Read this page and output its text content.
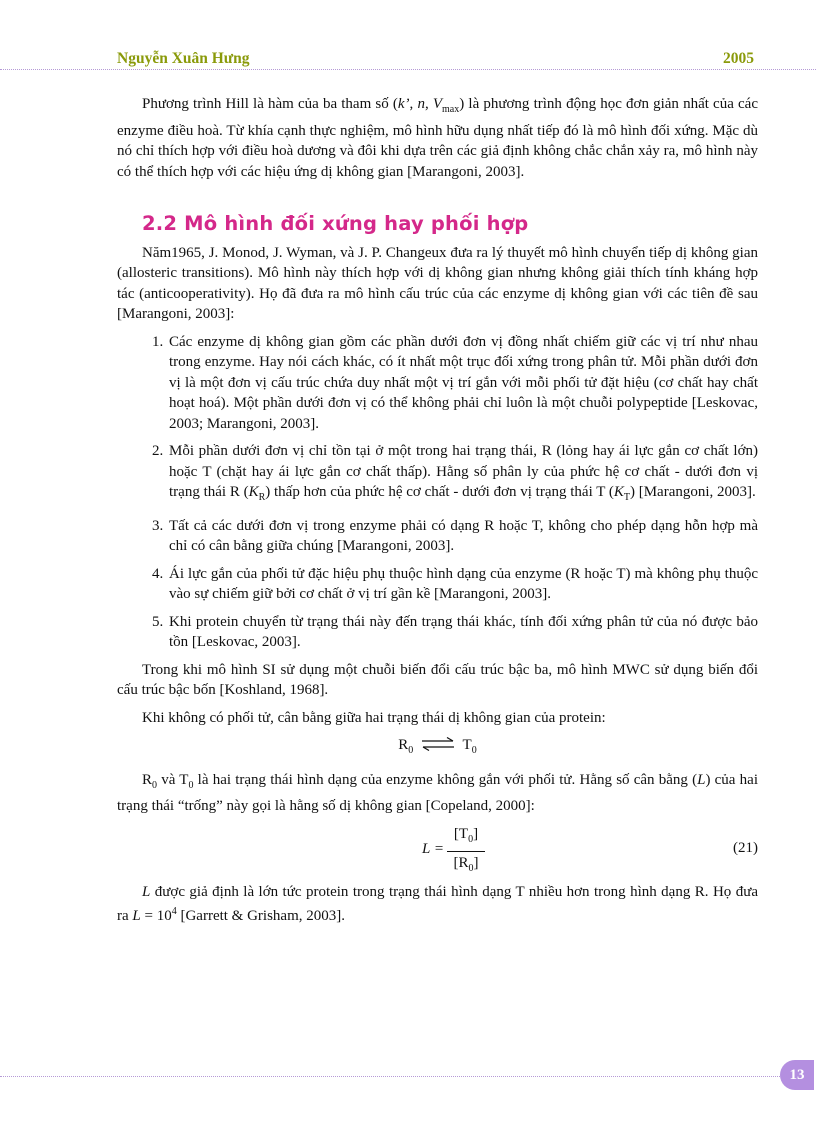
Nguyễn Xuân Hưng	2005

Phương trình Hill là hàm của ba tham số (k’, n, $V_{max}$) là phương trình động học đơn giản nhất của các enzyme điều hoà. Từ khía cạnh thực nghiệm, mô hình hữu dụng nhất tiếp đó là mô hình đối xứng. Mặc dù nó chỉ thích hợp với điều hoà dương và đôi khi dựa trên các giả định không chắc chắn xảy ra, mô hình này có thể thích hợp với các hiệu ứng dị không gian [Marangoni, 2003].

2.2 Mô hình đối xứng hay phối hợp

Năm1965, J. Monod, J. Wyman, và J. P. Changeux đưa ra lý thuyết mô hình chuyển tiếp dị không gian (allosteric transitions). Mô hình này thích hợp với dị không gian nhưng không giải thích tính kháng hợp tác (anticooperativity). Họ đã đưa ra mô hình cấu trúc của các enzyme dị không gian với các tiên đề sau [Marangoni, 2003]:

1. Các enzyme dị không gian gồm các phần dưới đơn vị đồng nhất chiếm giữ các vị trí như nhau trong enzyme. Hay nói cách khác, có ít nhất một trục đối xứng trong phân tử. Mỗi phần dưới đơn vị là một đơn vị cấu trúc chứa duy nhất một vị trí gắn với mỗi phối tử đặt hiệu (cơ chất hay chất hoạt hoá). Một phần dưới đơn vị có thể không phải chỉ luôn là một chuỗi polypeptide [Leskovac, 2003; Marangoni, 2003].
2. Mỗi phần dưới đơn vị chỉ tồn tại ở một trong hai trạng thái, R (lỏng hay ái lực gắn cơ chất lớn) hoặc T (chặt hay ái lực gắn cơ chất thấp). Hằng số phân ly của phức hệ cơ chất - dưới đơn vị trạng thái R $(K_R)$ thấp hơn của phức hệ cơ chất - dưới đơn vị trạng thái T $(K_T)$ [Marangoni, 2003].
3. Tất cả các dưới đơn vị trong enzyme phải có dạng R hoặc T, không cho phép dạng hỗn hợp mà chỉ có cân bằng giữa chúng [Marangoni, 2003].
4. Ái lực gắn của phối tử đặc hiệu phụ thuộc hình dạng của enzyme (R hoặc T) mà không phụ thuộc vào sự chiếm giữ bởi cơ chất ở vị trí gần kề [Marangoni, 2003].
5. Khi protein chuyển từ trạng thái này đến trạng thái khác, tính đối xứng phân tử của nó được bảo tồn [Leskovac, 2003].

Trong khi mô hình SI sử dụng một chuỗi biến đổi cấu trúc bậc ba, mô hình MWC sử dụng biến đổi cấu trúc bậc bốn [Koshland, 1968].

Khi không có phối tử, cân bằng giữa hai trạng thái dị không gian của protein:

$R_0$ ⇌ $T_0$

$R_0$ và $T_0$ là hai trạng thái hình dạng của enzyme không gắn với phối tử. Hằng số cân bằng (L) của hai trạng thái “trống” này gọi là hằng số dị không gian [Copeland, 2000]:

$L = \frac{[T_0]}{[R_0]}$	(21)

L được giả định là lớn tức protein trong trạng thái hình dạng T nhiều hơn trong hình dạng R. Họ đưa ra $L = 10^4$ [Garrett & Grisham, 2003].

13
